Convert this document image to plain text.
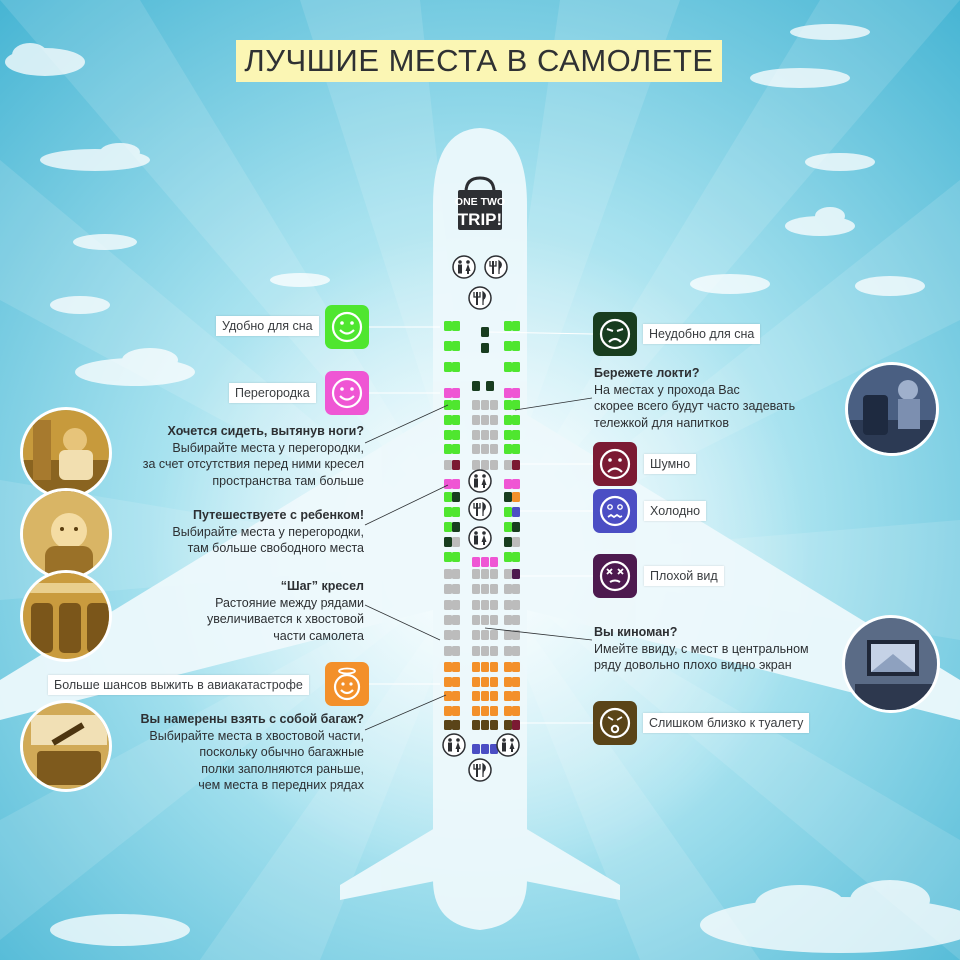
ONE TWO
TRIP!
ЛУЧШИЕ МЕСТА В САМОЛЕТЕ
Удобно для сна
Перегородка
Больше шансов выжить в авиакатастрофе
Неудобно для сна
Шумно
Холодно
Плохой вид
Слишком близко к туалету
Хочется сидеть, вытянув ноги?
Выбирайте места у перегородки,
за счет отсутствия перед ними кресел
пространства там больше
Путешествуете с ребенком!
Выбирайте места у перегородки,
там больше свободного места
“Шаг” кресел
Растояние между рядами
увеличивается к хвостовой
части самолета
Вы намерены взять с собой багаж?
Выбирайте места в хвостовой части,
поскольку обычно багажные
полки заполняются раньше,
чем места в передних рядах
Бережете локти?
На местах у прохода Вас
скорее всего будут часто задевать
тележкой для напитков
Вы киноман?
Имейте ввиду, с мест в центральном
ряду довольно плохо видно экран
